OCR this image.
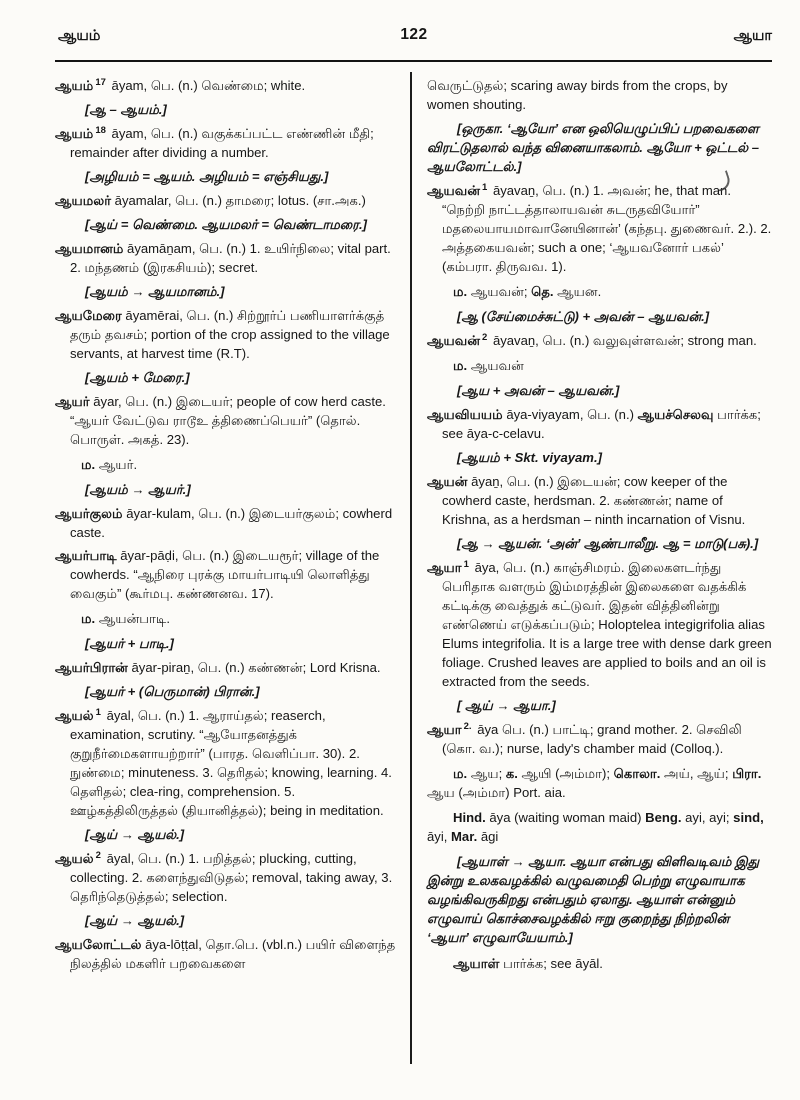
ஆயம்	122	ஆயா

ஆயம் $^{17}$ āyam, பெ. (n.) வெண்மை; white.

[ஆ – ஆயம்.]

ஆயம் $^{18}$ āyam, பெ. (n.) வகுக்கப்பட்ட எண்ணின் மீதி; remainder after dividing a number.

[அழியம் = ஆயம். அழியம் = எஞ்சியது.]

ஆயமலர் āyamalar, பெ. (n.) தாமரை; lotus. (சா.அக.)

[ஆய் = வெண்மை. ஆயமலர் = வெண்டாமரை.]

ஆயமானம் āyamāṉam, பெ. (n.) 1. உயிர்நிலை; vital part. 2. மந்தணம் (இரகசியம்); secret.

[ஆயம் → ஆயமானம்.]

ஆயமேரை āyamērai, பெ. (n.) சிற்றூர்ப் பணியாளர்க்குத் தரும் தவசம்; portion of the crop assigned to the village servants, at harvest time (R.T).

[ஆயம் + மேரை.]

ஆயர் āyar, பெ. (n.) இடையர்; people of cow herd caste. “ஆயர் வேட்டுவ ராடூஉ த்திணைப்பெயர்” (தொல். பொருள். அகத். 23).

ம. ஆயர்.

[ஆயம் → ஆயர்.]

ஆயர்குலம் āyar-kulam, பெ. (n.) இடையர்குலம்; cowherd caste.

ஆயர்பாடி āyar-pāḍi, பெ. (n.) இடையரூர்; village of the cowherds. “ஆநிரை புரக்கு மாயர்பாடியி லொளித்து வைகும்” (கூர்மபு. கண்ணனவ. 17).

ம. ஆயன்பாடி.

[ஆயர் + பாடி.]

ஆயர்பிரான் āyar-piraṉ, பெ. (n.) கண்ணன்; Lord Krisna.

[ஆயர் + (பெருமான்) பிரான்.]

ஆயல் $^1$ āyal, பெ. (n.) 1. ஆராய்தல்; reaserch, examination, scrutiny. “ஆயோதனத்துக் குறுநீர்மைகளாயற்றார்” (பாரத. வெளிப்பா. 30). 2. நுண்மை; minuteness. 3. தெரிதல்; knowing, learning. 4. தெளிதல்; clea-ring, comprehension. 5. ஊழ்கத்திலிருத்தல் (தியானித்தல்); being in meditation.

[ஆய் → ஆயல்.]

ஆயல் $^2$ āyal, பெ. (n.) 1. பறித்தல்; plucking, cutting, collecting. 2. களைந்துவிடுதல்; removal, taking away, 3. தெரிந்தெடுத்தல்; selection.

[ஆய் → ஆயல்.]

ஆயலோட்டல் āya-lōṭṭal, தொ.பெ. (vbl.n.) பயிர் விளைந்த நிலத்தில் மகளிர் பறவைகளை

வெருட்டுதல்; scaring away birds from the crops, by women shouting.

[ஒருகா. ‘ஆயோ’ என ஒலியெழுப்பிப் பறவைகளை விரட்டுதலால் வந்த வினையாகலாம். ஆயோ + ஒட்டல் – ஆயலோட்டல்.]

ஆயவன் $^1$ āyavaṉ, பெ. (n.) 1. அவன்; he, that man. “நெற்றி நாட்டத்தாலாயவன் சுடருதவியோர்” மதலையாயமாவானேயினான்’ (கந்தபு. துணைவர். 2.). 2. அத்தகையவன்; such a one; ‘ஆயவனோர் பகல்’ (கம்பரா. திருவவ. 1).

ம. ஆயவன்; தெ. ஆயன.

[ஆ (சேய்மைச்சுட்டு) + அவன் – ஆயவன்.]

ஆயவன் $^2$ āyavaṉ, பெ. (n.) வலுவுள்ளவன்; strong man.

ம. ஆயவன்

[ஆய + அவன் – ஆயவன்.]

ஆயவியயம் āya-viyayam, பெ. (n.) ஆயச்செலவு பார்க்க; see āya-c-celavu.

[ஆயம் + Skt. viyayam.]

ஆயன் āyaṉ, பெ. (n.) இடையன்; cow keeper of the cowherd caste, herdsman. 2. கண்ணன்; name of Krishna, as a herdsman – ninth incarnation of Visnu.

[ஆ → ஆயன். ‘அன்’ ஆண்பாலீறு. ஆ = மாடு(பசு).]

ஆயா $^1$ āya, பெ. (n.) காஞ்சிமரம். இலைகளடர்ந்து பெரிதாக வளரும் இம்மரத்தின் இலைகளை வதக்கிக் கட்டிக்கு வைத்துக் கட்டுவர். இதன் வித்தினின்று எண்ணெய் எடுக்கப்படும்; Holoptelea integigrifolia alias Elums integrifolia. It is a large tree with dense dark green foliage. Crushed leaves are applied to boils and an oil is extracted from the seeds.

[ ஆய் → ஆயா.]

ஆயா $^{2.}$ āya பெ. (n.) பாட்டி; grand mother. 2. செவிலி (கொ. வ.); nurse, lady's chamber maid (Colloq.).

ம. ஆய; க. ஆயி (அம்மா); கொலா. அய், ஆய்; பிரா. ஆய (அம்மா) Port. aia.

Hind. āya (waiting woman maid) Beng. ayi, ayi; sind, āyi, Mar. āgi

[ஆயாள் → ஆயா. ஆயா என்பது விளிவடிவம் இது இன்று உலகவழக்கில் வழுவமைதி பெற்று எழுவாயாக வழங்கிவருகிறது என்பதும் ஏலாது. ஆயாள் என்னும் எழுவாய் கொச்சைவழக்கில் ஈறு குறைந்து நிற்றலின் ‘ஆயா’ எழுவாயேயாம்.]

ஆயாள் பார்க்க; see āyāl.
